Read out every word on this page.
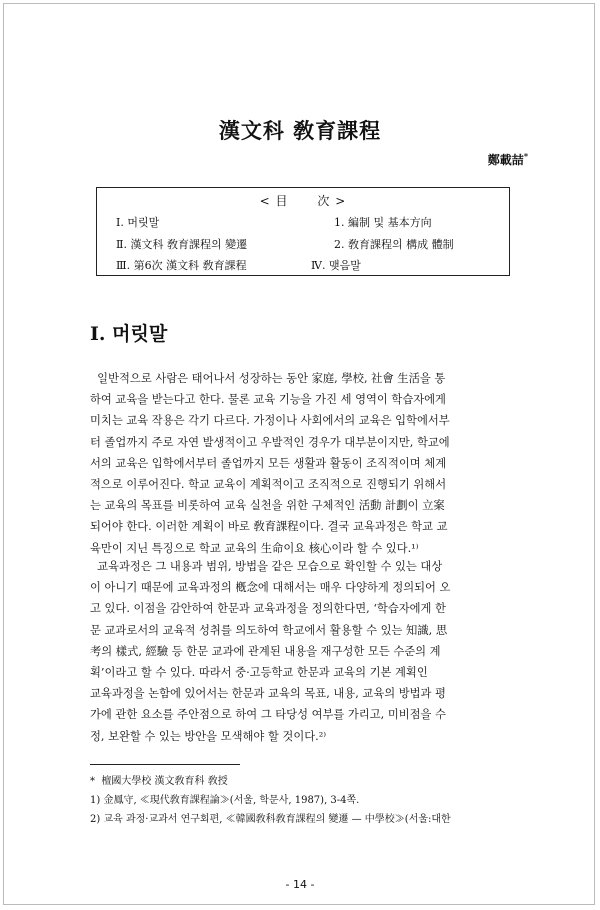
漢文科 敎育課程
鄭載喆*
< 目      次 >
Ⅰ. 머릿말	1. 編制 및 基本方向
Ⅱ. 漢文科 敎育課程의 變遷	2. 敎育課程의 構成 體制
Ⅲ. 第6次 漢文科 敎育課程	Ⅳ. 맺음말
Ⅰ. 머릿말
일반적으로 사람은 태어나서 성장하는 동안 家庭, 學校, 社會 生活을 통
하여 교육을 받는다고 한다. 물론 교육 기능을 가진 세 영역이 학습자에게
미치는 교육 작용은 각기 다르다. 가정이나 사회에서의 교육은 입학에서부
터 졸업까지 주로 자연 발생적이고 우발적인 경우가 대부분이지만, 학교에
서의 교육은 입학에서부터 졸업까지 모든 생활과 활동이 조직적이며 체계
적으로 이루어진다. 학교 교육이 계획적이고 조직적으로 진행되기 위해서
는 교육의 목표를 비롯하여 교육 실천을 위한 구체적인 活動 計劃이 立案
되어야 한다. 이러한 계획이 바로 敎育課程이다. 결국 교육과정은 학교 교
육만이 지닌 특징으로 학교 교육의 生命이요 核心이라 할 수 있다.¹⁾
교육과정은 그 내용과 범위, 방법을 같은 모습으로 확인할 수 있는 대상
이 아니기 때문에 교육과정의 槪念에 대해서는 매우 다양하게 정의되어 오
고 있다. 이점을 감안하여 한문과 교육과정을 정의한다면, ‘학습자에게 한
문 교과로서의 교육적 성취를 의도하여 학교에서 활용할 수 있는 知識, 思
考의 樣式, 經驗 등 한문 교과에 관계된 내용을 재구성한 모든 수준의 계
획’이라고 할 수 있다. 따라서 중·고등학교 한문과 교육의 기본 계획인
교육과정을 논함에 있어서는 한문과 교육의 목표, 내용, 교육의 방법과 평
가에 관한 요소를 주안점으로 하여 그 타당성 여부를 가리고, 미비점을 수
정, 보완할 수 있는 방안을 모색해야 할 것이다.²⁾
*  檀國大學校 漢文敎育科 敎授
1) 金鳳守, ≪現代敎育課程論≫(서울, 학문사, 1987), 3-4쪽.
2) 교육 과정·교과서 연구회편, ≪韓國敎科敎育課程의 變遷 — 中學校≫(서울:대한
- 14 -
